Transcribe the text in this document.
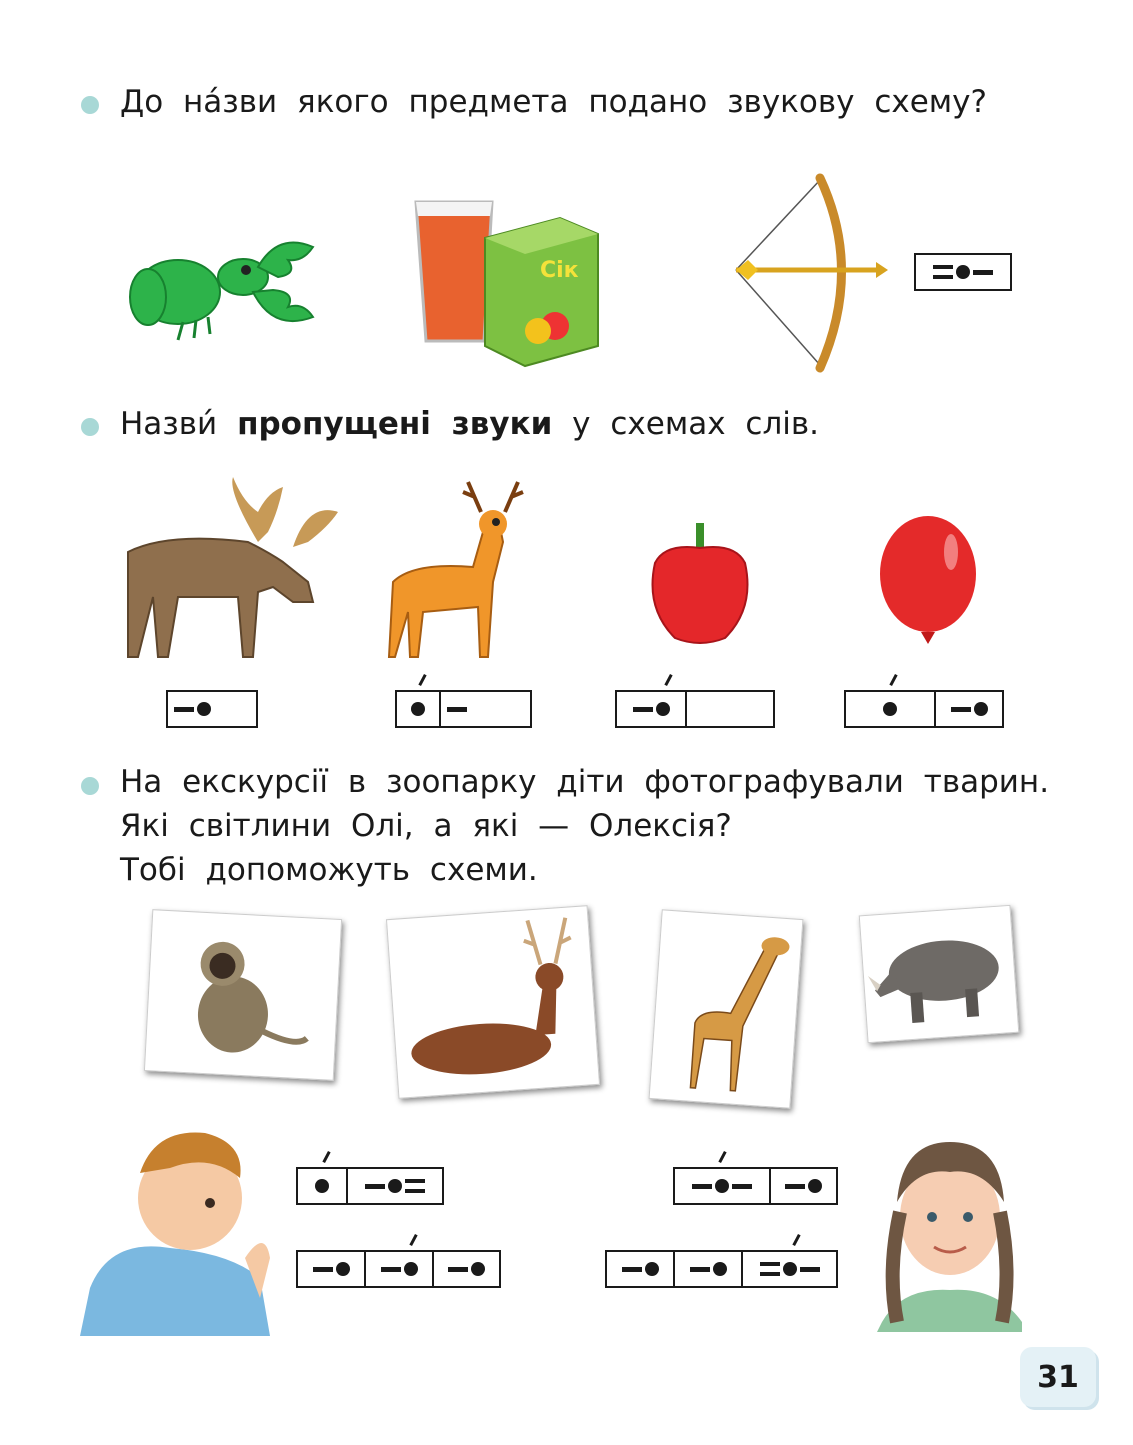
До на́зви якого предмета подано звукову схему?
Сік
Назви́ пропущені звуки у схемах слів.
На екскурсії в зоопарку діти фотографували тварин.
Які світлини Олі, а які — Олексія?
Тобі допоможуть схеми.
31
